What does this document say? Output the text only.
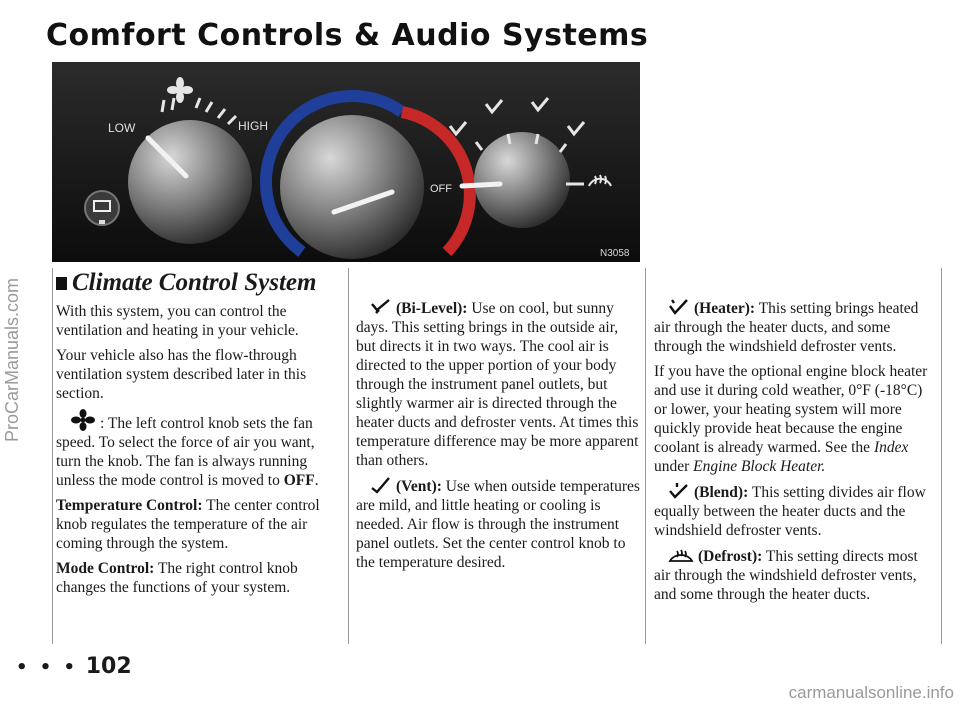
Comfort Controls & Audio Systems
ProCarManuals.com
carmanualsonline.info
LOW	HIGH
OFF
N3058
Climate Control System

With this system, you can control the ventilation and heating in your vehicle.

Your vehicle also has the flow-through ventilation system described later in this section.

: The left control knob sets the fan speed. To select the force of air you want, turn the knob. The fan is always running unless the mode control is moved to OFF.

Temperature Control: The center control knob regulates the temperature of the air coming through the system.

Mode Control: The right control knob changes the functions of your system.

(Bi-Level): Use on cool, but sunny days. This setting brings in the outside air, but directs it in two ways. The cool air is directed to the upper portion of your body through the instrument panel outlets, but slightly warmer air is directed through the heater ducts and defroster vents. At times this temperature difference may be more apparent than others.

(Vent): Use when outside temperatures are mild, and little heating or cooling is needed. Air flow is through the instrument panel outlets. Set the center control knob to the temperature desired.

(Heater): This setting brings heated air through the heater ducts, and some through the windshield defroster vents.

If you have the optional engine block heater and use it during cold weather, 0°F (-18°C) or lower, your heating system will more quickly provide heat because the engine coolant is already warmed. See the Index under Engine Block Heater.

(Blend): This setting divides air flow equally between the heater ducts and the windshield defroster vents.

(Defrost): This setting directs most air through the windshield defroster vents, and some through the heater ducts.

• • • 102
